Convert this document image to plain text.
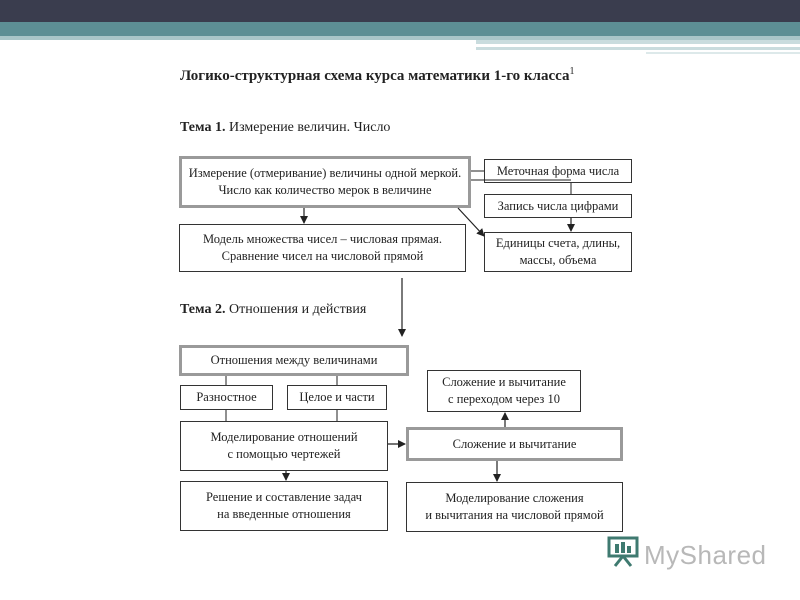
Логико-структурная схема курса математики 1-го класса$^1$
Тема 1. Измерение величин. Число
Измерение (отмеривание) величины одной меркой.
Число как количество мерок в величине
Меточная форма числа
Запись числа цифрами
Единицы счета, длины,
массы, объема
Модель множества чисел – числовая прямая.
Сравнение чисел на числовой прямой
Тема 2. Отношения и действия
Отношения между величинами
Разностное	Целое и части
Моделирование отношений
с помощью чертежей
Решение и составление задач
на введенные отношения
Сложение и вычитание
с переходом через 10
Сложение и вычитание
Моделирование сложения
и вычитания на числовой прямой
MyShared
